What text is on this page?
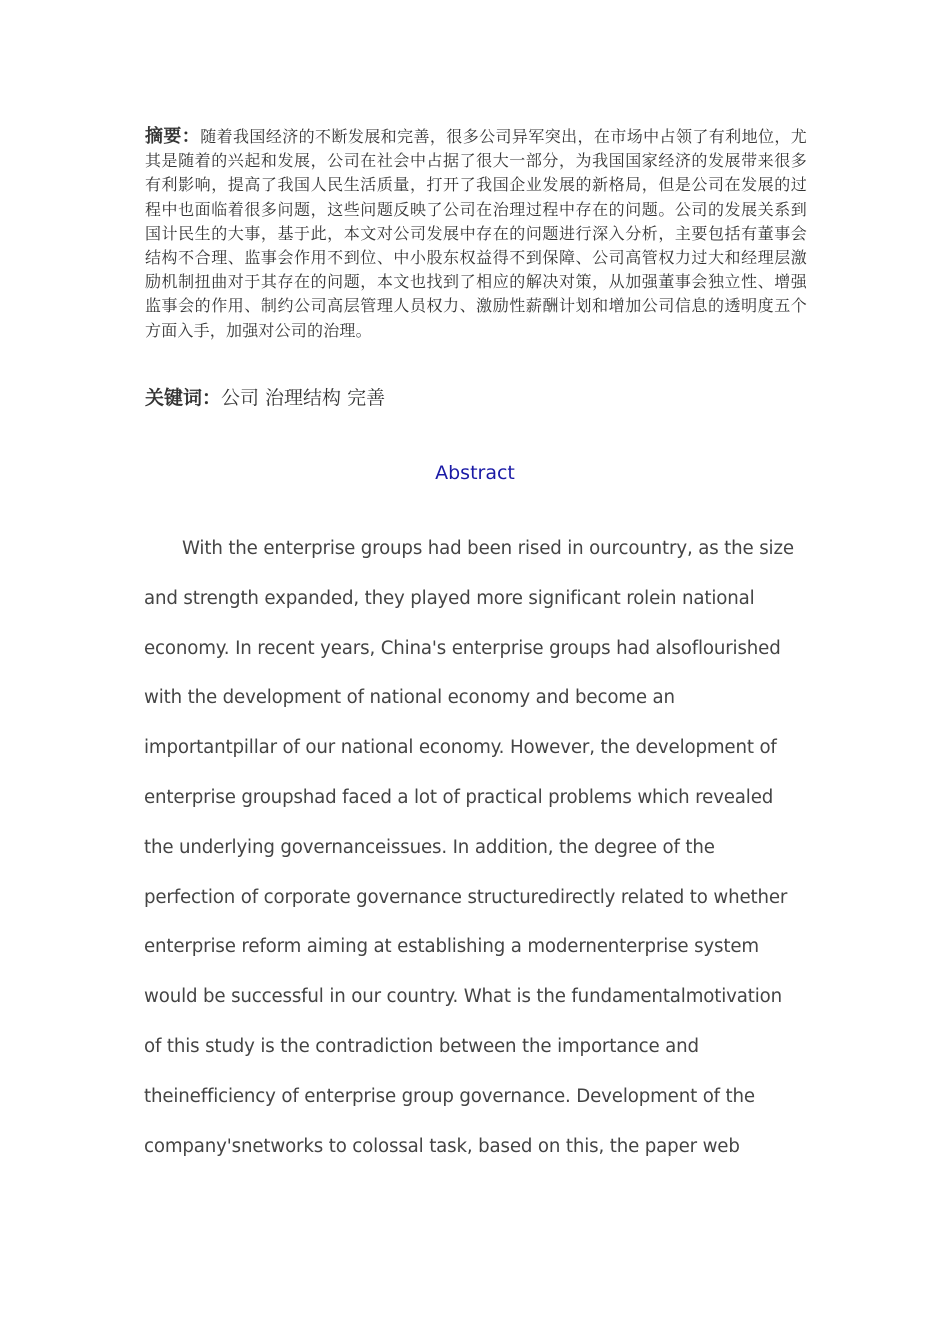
摘要：随着我国经济的不断发展和完善，很多公司异军突出，在市场中占领了有利地位，尤其是随着的兴起和发展，公司在社会中占据了很大一部分，为我国国家经济的发展带来很多有利影响，提高了我国人民生活质量，打开了我国企业发展的新格局，但是公司在发展的过程中也面临着很多问题，这些问题反映了公司在治理过程中存在的问题。公司的发展关系到国计民生的大事，基于此，本文对公司发展中存在的问题进行深入分析，主要包括有董事会结构不合理、监事会作用不到位、中小股东权益得不到保障、公司高管权力过大和经理层激励机制扭曲对于其存在的问题，本文也找到了相应的解决对策，从加强董事会独立性、增强监事会的作用、制约公司高层管理人员权力、激励性薪酬计划和增加公司信息的透明度五个方面入手，加强对公司的治理。
关键词：公司 治理结构 完善
Abstract
With the enterprise groups had been rised in ourcountry, as the size
and strength expanded, they played more significant rolein national
economy. In recent years, China's enterprise groups had alsoflourished
with the development of national economy and become an
importantpillar of our national economy. However, the development of
enterprise groupshad faced a lot of practical problems which revealed
the underlying governanceissues. In addition, the degree of the
perfection of corporate governance structuredirectly related to whether
enterprise reform aiming at establishing a modernenterprise system
would be successful in our country. What is the fundamentalmotivation
of this study is the contradiction between the importance and
theinefficiency of enterprise group governance. Development of the
company'snetworks to colossal task, based on this, the paper web
